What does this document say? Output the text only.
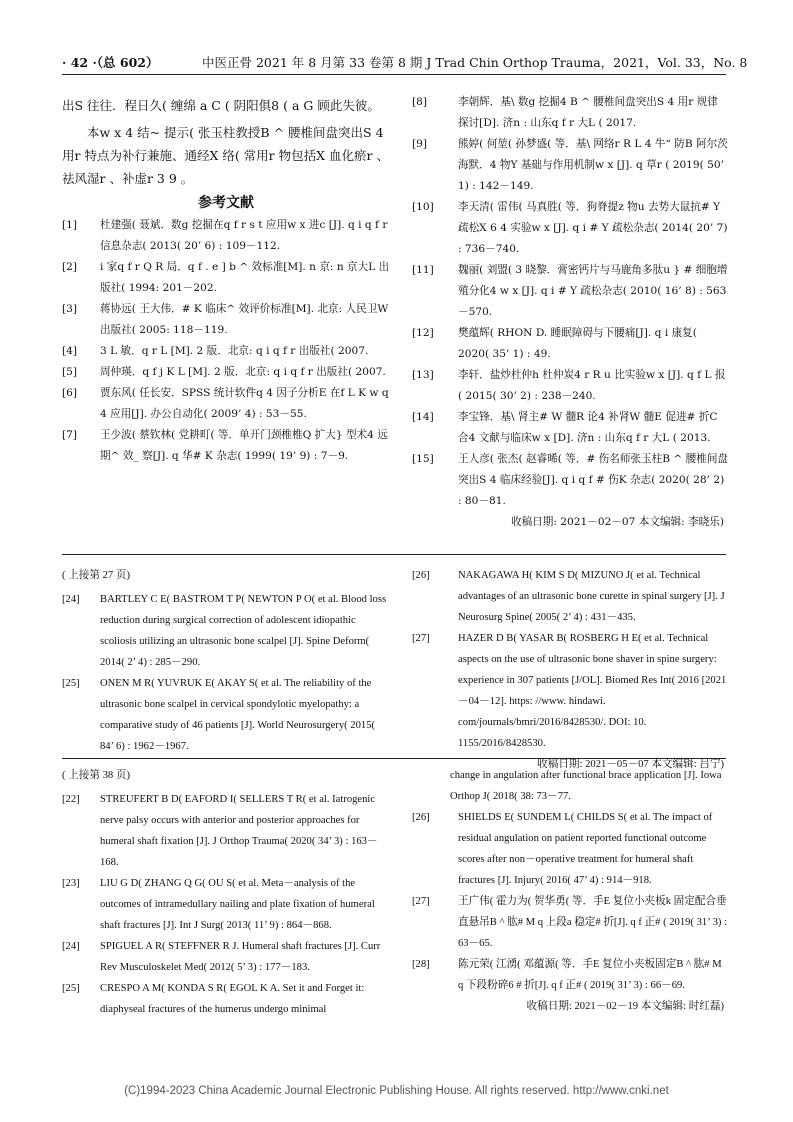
· 42 ·（总 602）	中医正骨 2021 年 8 月第 33 卷第 8 期 J Trad Chin Orthop Trauma，2021，Vol. 33，No. 8

出S 往往．程日久( 缠绵 a C ( 阴阳俱8 ( a G 顾此失彼。

本w x 4 结~ 提示( 张玉柱教授B ^ 腰椎间盘突出S 4 用r 特点为补行兼施、通经X 络( 常用r 物包括X 血化瘀r 、祛风湿r 、补虚r 3 9 。

参考文献
[1] 杜建强( 聂斌．数g 挖掘在q f r s t 应用w x 进c [J]. q i q f r 信息杂志( 2013( 20’ 6) : 109－112.
[2] i 家q f r Q R 局．q f . e ] b ^ 效标准[M]. n 京: n 京大L 出版社( 1994: 201－202.
[3] 蒋协远( 王大伟．# K 临床^ 效评价标准[M]. 北京: 人民卫W 出版社( 2005: 118－119.
[4] 3 L 敏．q r L [M]. 2 版．北京: q i q f r 出版社( 2007.
[5] 周仲瑛．q f j K L [M]. 2 版．北京: q i q f r 出版社( 2007.
[6] 贾东风( 任长安．SPSS 统计软件q 4 因子分析E 在f L K w q 4 应用[J]. 办公自动化( 2009’ 4) : 53－55.
[7] 王少波( 蔡钦林( 党耕町( 等．单开门颈椎椎Q 扩大} 型术4 远期^ 效_ 察[J]. q 华# K 杂志( 1999( 19’ 9) : 7－9.
[8]	李朝辉．基\ 数g 挖掘4 B ^ 腰椎间盘突出S 4 用r 规律探讨[D]. 济n : 山东q f r 大L ( 2017.
[9]	熊婷( 何堃( 孙梦盛( 等．基\ 网络r R L 4 牛“ 防B 阿尔茨海默．4 物Y 基础与作用机制w x [J]. q 草r ( 2019( 50’ 1) : 142－149.
[10] 李天清( 雷伟( 马真胜( 等．狗脊提z 物u 去势大鼠抗# Y 疏松X 6 4 实验w x [J]. q i # Y 疏松杂志( 2014( 20’ 7) : 736－740.
[11] 魏丽( 刘盟( 3 晓黎．膏密钙片与马鹿角多肽u } # 细胞增殖分化4 w x [J]. q i # Y 疏松杂志( 2010( 16’ 8) : 563－570.
[12] 樊蕴辉( RHON D. 睡眠障碍与下腰痛[J]. q i 康复( 2020( 35’ 1) : 49.
[13] 李轩．盐炒杜仲h 杜仲炭4 r R u 比实验w x [J]. q f L 报( 2015( 30’ 2) : 238－240.
[14] 李宝锋．基\ 肾主# W 髓R 论4 补肾W 髓E 促进# 折C 合4 文献与临床w x [D]. 济n : 山东q f r 大L ( 2013.
[15] 王人彦( 张杰( 赵睿晞( 等．# 伤名师张玉柱B ^ 腰椎间盘突出S 4 临床经验[J]. q i q f # 伤K 杂志( 2020( 28’ 2) : 80－81.
收稿日期: 2021－02－07 本文编辑: 李晓乐)
( 上接第 27 页)
[24] BARTLEY C E( BASTROM T P( NEWTON P O( et al. Blood loss reduction during surgical correction of adolescent idiopathic scoliosis utilizing an ultrasonic bone scalpel [J]. Spine Deform( 2014( 2’ 4) : 285－290.
[25] ONEN M R( YUVRUK E( AKAY S( et al. The reliability of the ultrasonic bone scalpel in cervical spondylotic myelopathy: a comparative study of 46 patients [J]. World Neurosurgery( 2015( 84’ 6) : 1962－1967.
[26]	NAKAGAWA H( KIM S D( MIZUNO J( et al. Technical advantages of an ultrasonic bone curette in spinal surgery [J]. J Neurosurg Spine( 2005( 2’ 4) : 431－435.
[27]	HAZER D B( YASAR B( ROSBERG H E( et al. Technical aspects on the use of ultrasonic bone shaver in spine surgery: experience in 307 patients [J/OL]. Biomed Res Int( 2016 [2021－04－12]. https: //www. hindawi. com/journals/bmri/2016/8428530/. DOI: 10. 1155/2016/8428530.
收稿日期: 2021－05－07 本文编辑: 吕宁)
( 上接第 38 页)
[22] STREUFERT B D( EAFORD I( SELLERS T R( et al. Iatrogenic nerve palsy occurs with anterior and posterior approaches for humeral shaft fixation [J]. J Orthop Trauma( 2020( 34’ 3) : 163－168.
[23] LIU G D( ZHANG Q G( OU S( et al. Meta－analysis of the outcomes of intramedullary nailing and plate fixation of humeral shaft fractures [J]. Int J Surg( 2013( 11’ 9) : 864－868.
[24] SPIGUEL A R( STEFFNER R J. Humeral shaft fractures [J]. Curr Rev Musculoskelet Med( 2012( 5’ 3) : 177－183.
[25] CRESPO A M( KONDA S R( EGOL K A. Set it and Forget it: diaphyseal fractures of the humerus undergo minimal
change in angulation after functional brace application [J]. Iowa Orthop J( 2018( 38: 73－77.
[26]	SHIELDS E( SUNDEM L( CHILDS S( et al. The impact of residual angulation on patient reported functional outcome scores after non－operative treatment for humeral shaft fractures [J]. Injury( 2016( 47’ 4) : 914－918.
[27]	王广伟( 霍力为( 贺华勇( 等．手E 复位小夹板k 固定配合垂直悬吊B ^ 肱# M q 上段a 稳定# 折[J]. q f 正# ( 2019( 31’ 3) : 63－65.
[28]	陈元荣( 江湧( 邓蕴源( 等．手E 复位小夹板固定B ^ 肱# M q 下段粉碎6 # 折[J]. q f 正# ( 2019( 31’ 3) : 66－69.
收稿日期: 2021－02－19 本文编辑: 时红磊)
(C)1994-2023 China Academic Journal Electronic Publishing House. All rights reserved. http://www.cnki.net
